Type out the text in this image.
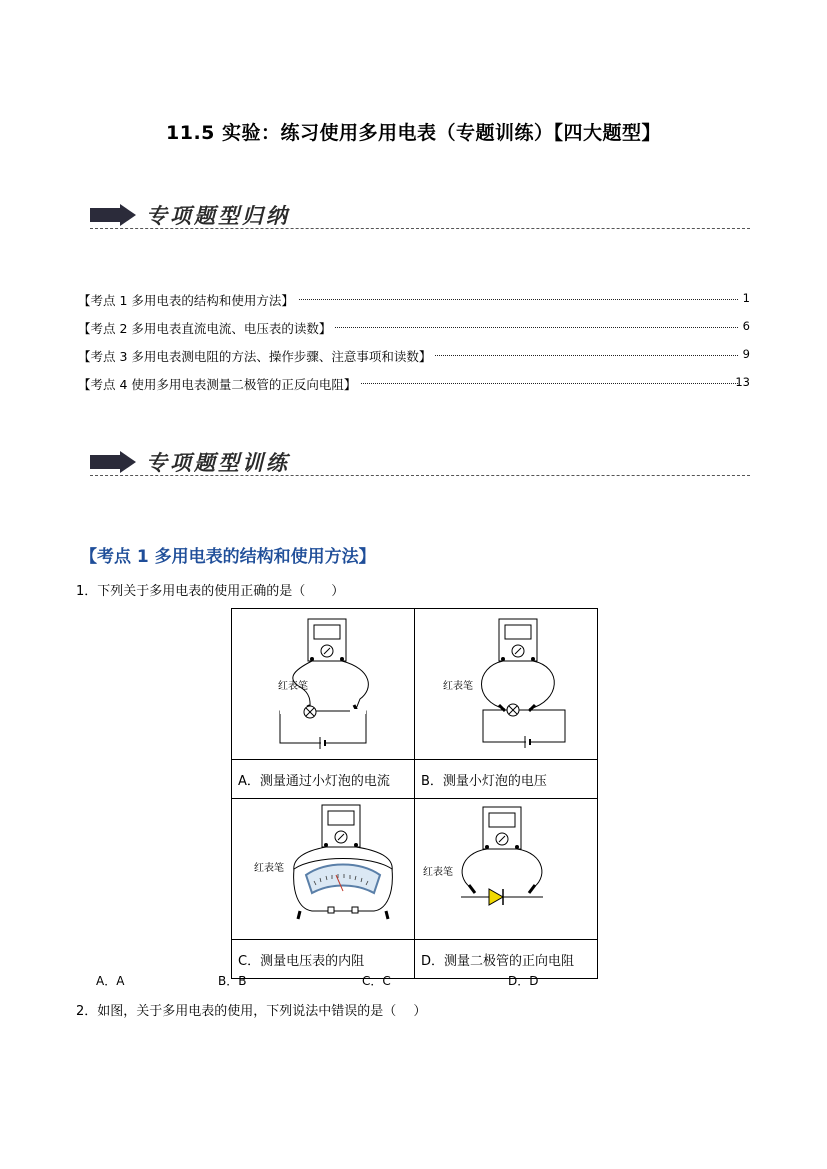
11.5 实验：练习使用多用电表（专题训练）【四大题型】
专项题型归纳
【考点 1 多用电表的结构和使用方法】	1
【考点 2 多用电表直流电流、电压表的读数】	6
【考点 3 多用电表测电阻的方法、操作步骤、注意事项和读数】	9
【考点 4 使用多用电表测量二极管的正反向电阻】	13
专项题型训练
【考点 1 多用电表的结构和使用方法】
1．下列关于多用电表的使用正确的是（　　）
红表笔	红表笔

A．测量通过小灯泡的电流	B．测量小灯泡的电压

红表笔	红表笔

C．测量电压表的内阻	D．测量二极管的正向电阻
A．A	B．B	C．C	D．D
2．如图，关于多用电表的使用，下列说法中错误的是（　 ）
